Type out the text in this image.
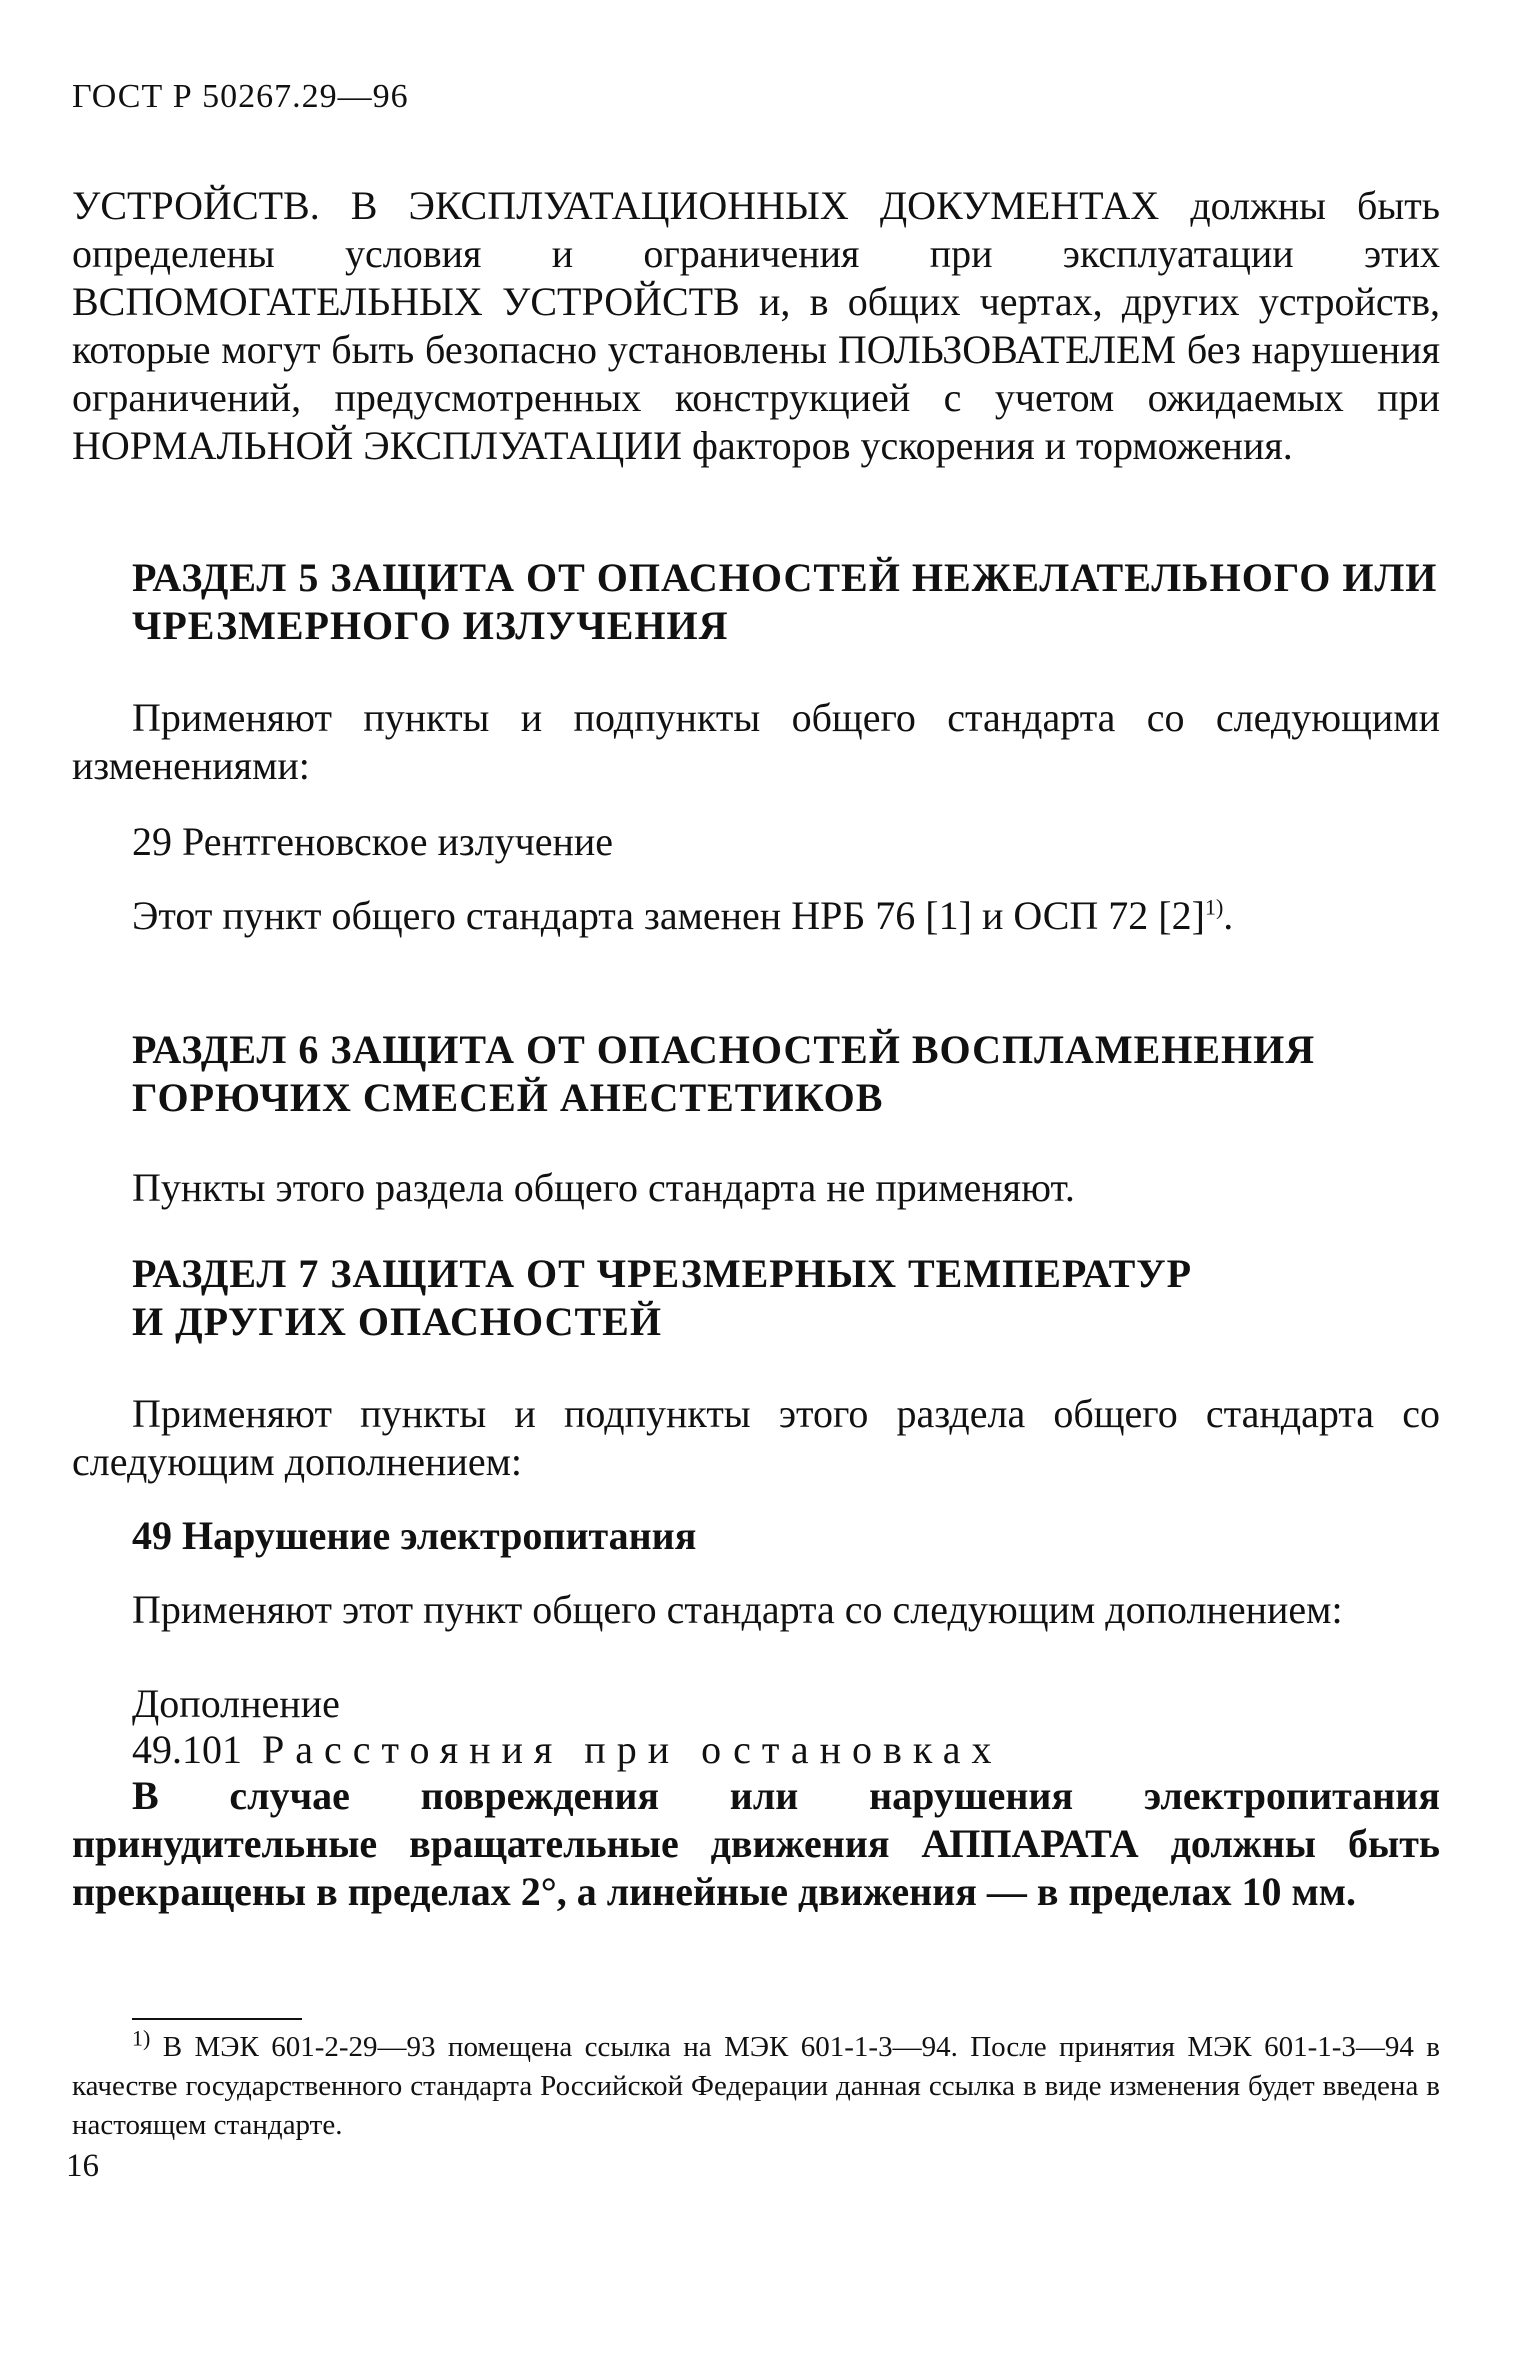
ГОСТ Р 50267.29—96

УСТРОЙСТВ. В ЭКСПЛУАТАЦИОННЫХ ДОКУМЕНТАХ должны быть определены условия и ограничения при эксплуатации этих ВСПОМОГАТЕЛЬНЫХ УСТРОЙСТВ и, в общих чертах, других устройств, которые могут быть безопасно установлены ПОЛЬЗОВАТЕЛЕМ без нарушения ограничений, предусмотренных конструкцией с учетом ожидаемых при НОРМАЛЬНОЙ ЭКСПЛУАТАЦИИ факторов ускорения и торможения.

РАЗДЕЛ 5 ЗАЩИТА ОТ ОПАСНОСТЕЙ НЕЖЕЛАТЕЛЬНОГО ИЛИ ЧРЕЗМЕРНОГО ИЗЛУЧЕНИЯ

Применяют пункты и подпункты общего стандарта со следующими изменениями:

29 Рентгеновское излучение

Этот пункт общего стандарта заменен НРБ 76 [1] и ОСП 72 $[2]^{1)}$.

РАЗДЕЛ 6 ЗАЩИТА ОТ ОПАСНОСТЕЙ ВОСПЛАМЕНЕНИЯ ГОРЮЧИХ СМЕСЕЙ АНЕСТЕТИКОВ
Пункты этого раздела общего стандарта не применяют.
РАЗДЕЛ 7 ЗАЩИТА ОТ ЧРЕЗМЕРНЫХ ТЕМПЕРАТУР
И ДРУГИХ ОПАСНОСТЕЙ

Применяют пункты и подпункты этого раздела общего стандарта со следующим дополнением:

49 Нарушение электропитания

Применяют этот пункт общего стандарта со следующим дополнением:

Дополнение
49.101 Расстояния при остановках

В случае повреждения или нарушения электропитания принудительные вращательные движения АППАРАТА должны быть прекращены в пределах 2°, а линейные движения — в пределах 10 мм.

$^{1)}$ В МЭК 601-2-29—93 помещена ссылка на МЭК 601-1-3—94. После принятия МЭК 601-1-3—94 в качестве государственного стандарта Российской Федерации данная ссылка в виде изменения будет введена в настоящем стандарте.

16
